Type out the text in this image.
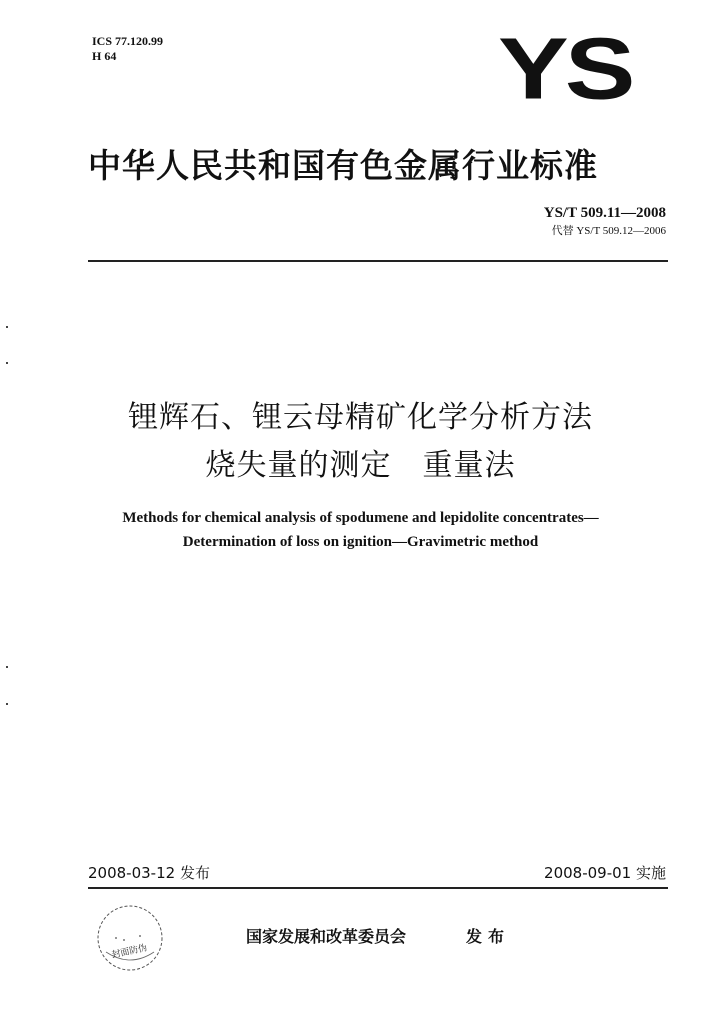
ICS 77.120.99
H 64	YS
中华人民共和国有色金属行业标准
YS/T 509.11—2008
代替 YS/T 509.12—2006
锂辉石、锂云母精矿化学分析方法
烧失量的测定　重量法
Methods for chemical analysis of spodumene and lepidolite concentrates—
Determination of loss on ignition—Gravimetric method
2008-03-12 发布	2008-09-01 实施
封面防伪
国家发展和改革委员会	发布
